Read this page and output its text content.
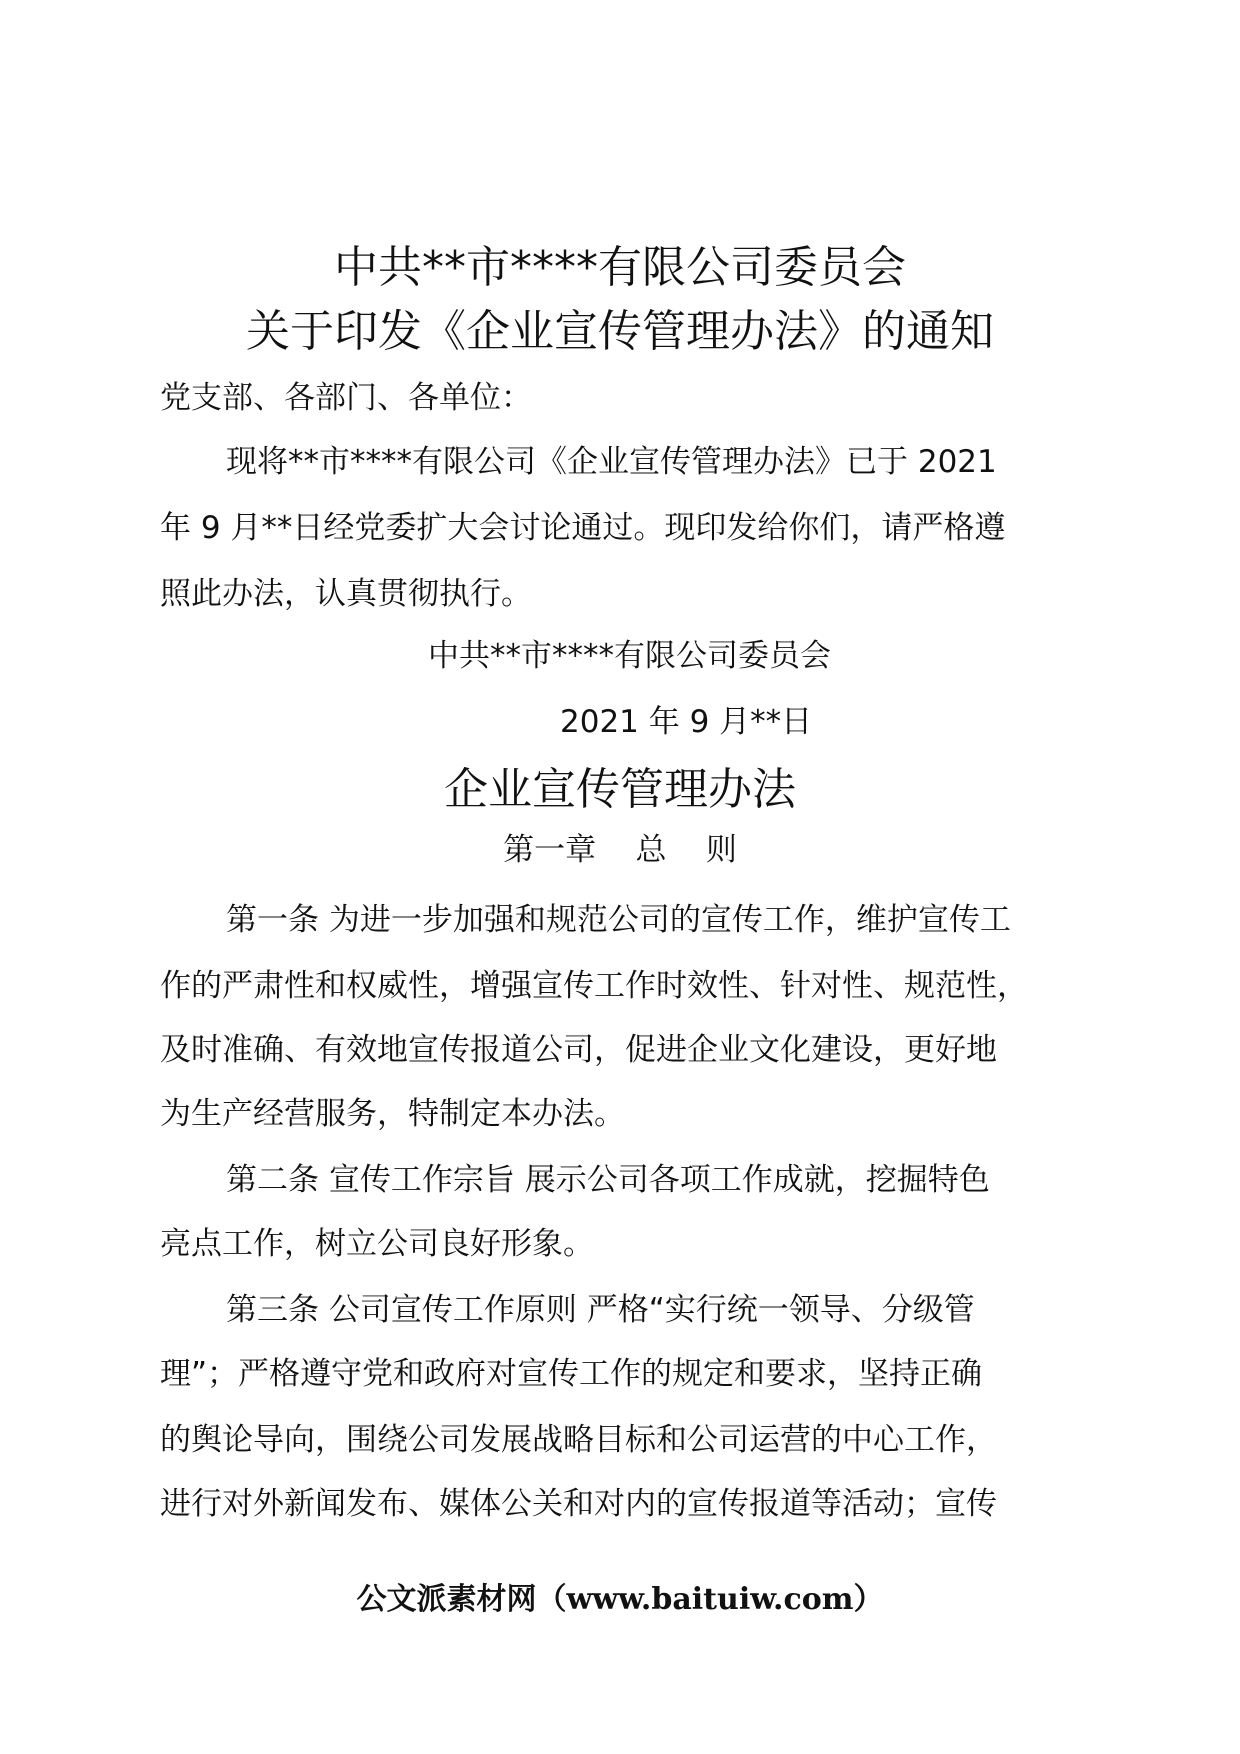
中共**市****有限公司委员会
关于印发《企业宣传管理办法》的通知
党支部、各部门、各单位：
现将**市****有限公司《企业宣传管理办法》已于 2021
年 9 月**日经党委扩大会讨论通过。现印发给你们，请严格遵
照此办法，认真贯彻执行。
中共**市****有限公司委员会
2021 年 9 月**日
企业宣传管理办法
第一章    总    则
第一条 为进一步加强和规范公司的宣传工作，维护宣传工
作的严肃性和权威性，增强宣传工作时效性、针对性、规范性，
及时准确、有效地宣传报道公司，促进企业文化建设，更好地
为生产经营服务，特制定本办法。
第二条 宣传工作宗旨 展示公司各项工作成就，挖掘特色
亮点工作，树立公司良好形象。
第三条 公司宣传工作原则 严格“实行统一领导、分级管
理”；严格遵守党和政府对宣传工作的规定和要求，坚持正确
的舆论导向，围绕公司发展战略目标和公司运营的中心工作，
进行对外新闻发布、媒体公关和对内的宣传报道等活动；宣传
公文派素材网（www.baituiw.com）
